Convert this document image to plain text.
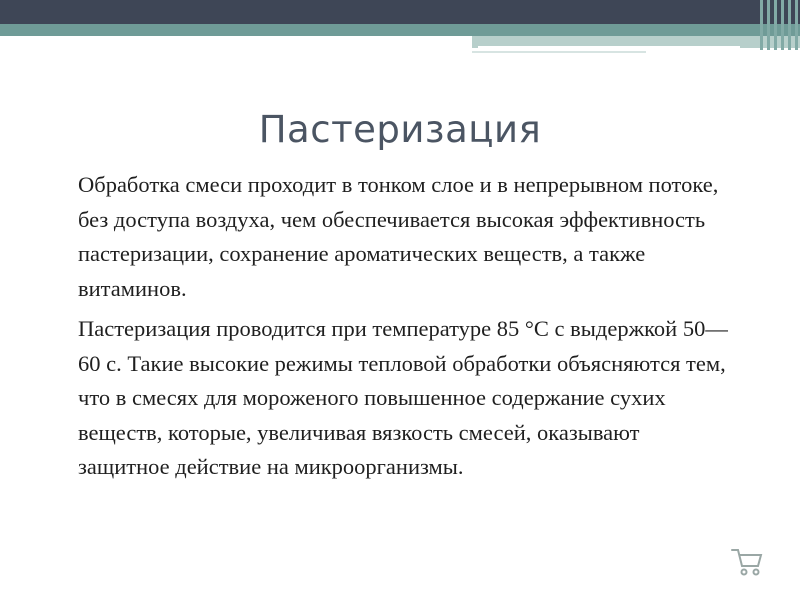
Пастеризация

Обработка смеси проходит в тонком слое и в непрерывном потоке, без доступа воздуха, чем обеспечивается высокая эффективность пастеризации, сохранение ароматических веществ, а также витаминов.

Пастеризация проводится при температуре 85 °С с выдержкой 50—60 с. Такие высокие режимы тепловой обработки объясняются тем, что в смесях для мороженого повышенное содержание сухих веществ, которые, увеличивая вязкость смесей, оказывают защитное действие на микроорганизмы.
